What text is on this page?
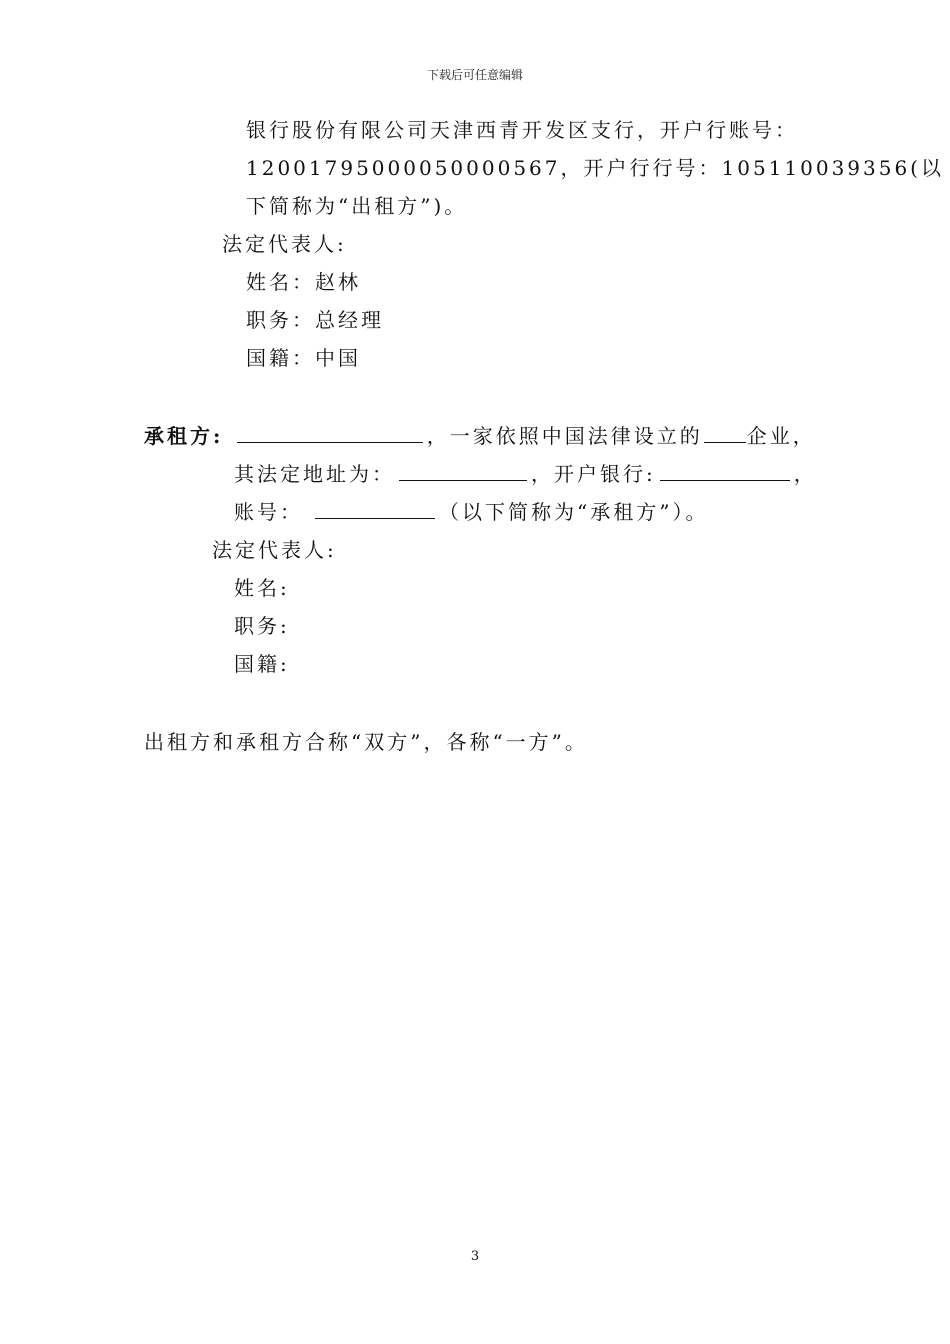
下载后可任意编辑
银行股份有限公司天津西青开发区支行，开户行账号：
12001795000050000567，开户行行号：105110039356(以
下简称为“出租方”)。
法定代表人:
姓名：赵林
职务：总经理
国籍：中国
承租方:	，一家依照中国法律设立的 企业，
其法定地址为：	，开户银行:	，
账号：	（以下简称为“承租方”）。
法定代表人:
姓名:
职务:
国籍:
出租方和承租方合称“双方”，各称“一方”。
3
